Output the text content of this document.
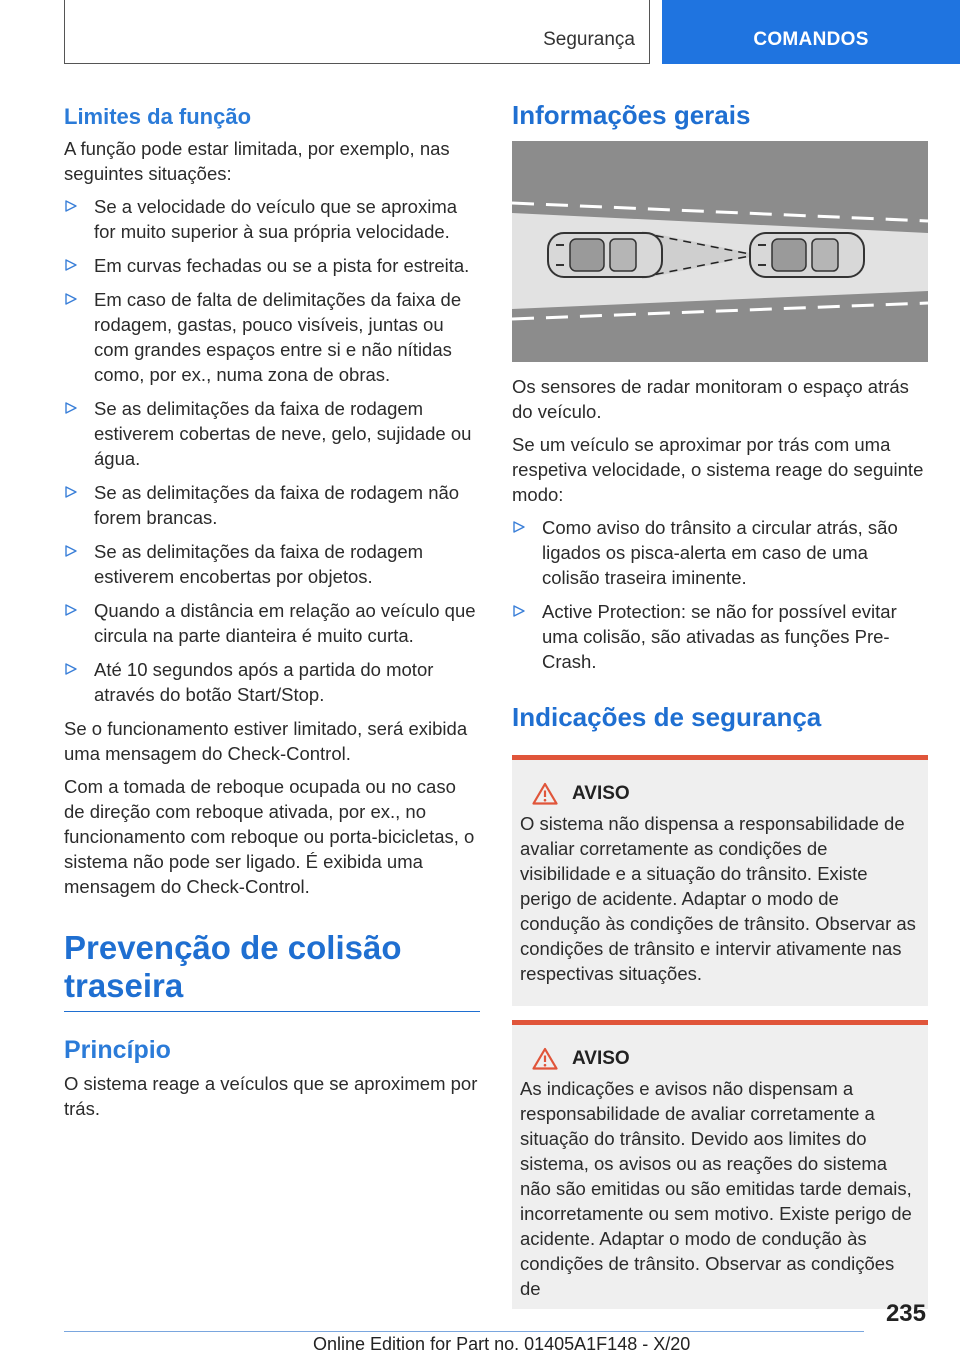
Segurança	COMANDOS
Limites da função

A função pode estar limitada, por exemplo, nas seguintes situações:

Se a velocidade do veículo que se aproxima for muito superior à sua própria velocidade.
Em curvas fechadas ou se a pista for estreita.
Em caso de falta de delimitações da faixa de rodagem, gastas, pouco visíveis, juntas ou com grandes espaços entre si e não nítidas como, por ex., numa zona de obras.
Se as delimitações da faixa de rodagem estiverem cobertas de neve, gelo, sujidade ou água.
Se as delimitações da faixa de rodagem não forem brancas.
Se as delimitações da faixa de rodagem estiverem encobertas por objetos.
Quando a distância em relação ao veículo que circula na parte dianteira é muito curta.
Até 10 segundos após a partida do motor através do botão Start/Stop.

Se o funcionamento estiver limitado, será exibida uma mensagem do Check-Control.

Com a tomada de reboque ocupada ou no caso de direção com reboque ativada, por ex., no funcionamento com reboque ou porta-bicicletas, o sistema não pode ser ligado. É exibida uma mensagem do Check-Control.

Prevenção de colisão traseira
Princípio

O sistema reage a veículos que se aproximem por trás.

Informações gerais

Os sensores de radar monitoram o espaço atrás do veículo.

Se um veículo se aproximar por trás com uma respetiva velocidade, o sistema reage do seguinte modo:

Como aviso do trânsito a circular atrás, são ligados os pisca-alerta em caso de uma colisão traseira iminente.
Active Protection: se não for possível evitar uma colisão, são ativadas as funções Pre-Crash.
Indicações de segurança
AVISO

O sistema não dispensa a responsabilidade de avaliar corretamente as condições de visibilidade e a situação do trânsito. Existe perigo de acidente. Adaptar o modo de condução às condições de trânsito. Observar as condições de trânsito e intervir ativamente nas respectivas situações.

AVISO

As indicações e avisos não dispensam a responsabilidade de avaliar corretamente a situação do trânsito. Devido aos limites do sistema, os avisos ou as reações do sistema não são emitidas ou são emitidas tarde demais, incorretamente ou sem motivo. Existe perigo de acidente. Adaptar o modo de condução às condições de trânsito. Observar as condições de

235
Online Edition for Part no. 01405A1F148 - X/20
